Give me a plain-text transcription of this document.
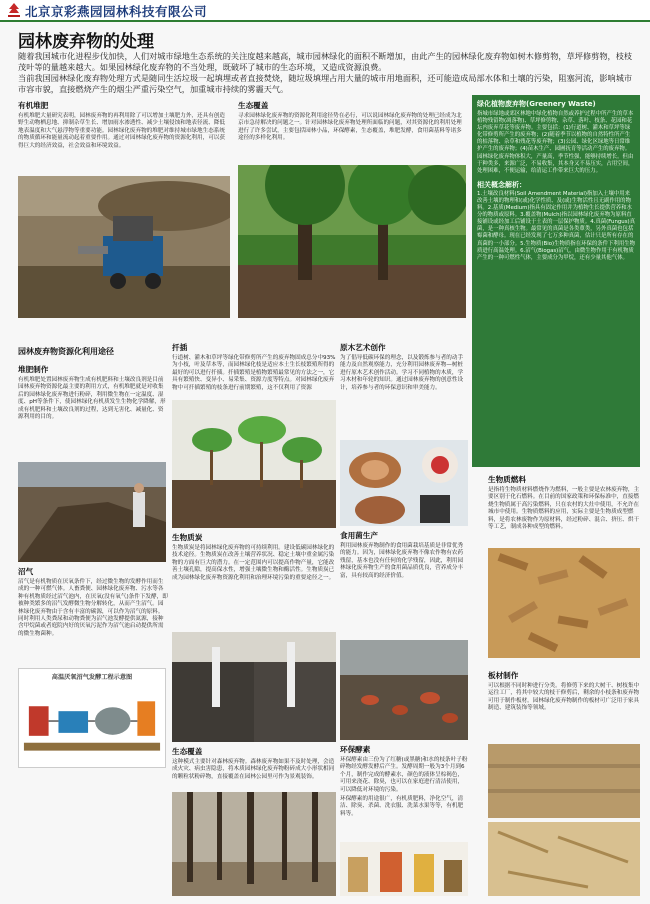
北京京彩燕园园林科技有限公司
园林废弃物的处理

随着我国城市化进程步伐加快，人们对城市绿地生态系统的关注度越来越高，城市园林绿化的面积不断增加，由此产生的园林绿化废弃物如树木修剪物，草坪修剪物，枝枝茂叶等的量越来越大。如果园林绿化废弃物的不当处理，既破坏了城市的生态环境，又造成资源浪费。

当前我国园林绿化废弃物处理方式是随同生活垃圾一起填埋或者直接焚烧，随垃圾填埋占用大量的城市用地面积，还可能造成局部水体和土壤的污染，阻塞河流，影响城市市容市貌，直接燃烧产生的烟尘严重污染空气，加重城市持续的雾霾天气。

有机堆肥
有机堆肥大量研究表明，园林废弃物的再利用除了可以增加土壤肥力外，还具有创造野生动物栖息地、抑制杂草生长、增加雨水渗透性、减少土壤侵蚀和地表径流、降低地表温度和大气悬浮物等重要功能。园林绿化废弃物的堆肥对维持城市绿地生态系统的物质循环和能量流动起着重要作用。通过对园林绿化废弃物的资源化利用，可以获得巨大的经济效益，社会效益和环境效益。
生态覆盖
寻求园林绿化废弃物的资源化利用途径势在必行，可以说园林绿化废弃物的处理已经成为北京市急待解决的问题之一。针对园林绿化废弃物处理所面临的问题，对其资源化的利用处理进行了许多尝试，主要包括园林小品，环保酵素，生态覆盖，堆肥发酵，食用菌基料等诸多途径的多样化利用。
绿化植物废弃物(Greenery Waste)
指城市绿地或郊区林地中绿化植物自然或养护过程中所产生的草本植物残留物(凋落物)、草坪修剪物、杂草、落叶、枝条、花园和花坛内废弃草花等废弃物。主要包括：(1)行道树、灌木和草坪等绿化带修剪所产生的废弃物；(2)随着季节以植物的自然特性所产生的枯落物、杂草和残花等废弃物；(3)公园、绿化区绿地等日常维护产生的废弃物；(4)苗木生产、园圃抚育等活动产生的废弃物。园林绿化废弃物体积大，产量高，季节性强，能够持续增长。但由于种类多，来源广泛，不易收集，其本身又不易压实，占用空间，处理困难，不便运输，给清运工作带来巨大的压力。
相关概念解析：
1.土壤改良材料(Soil Amendment Material)指加入土壤中用来改善土壤的物理和(或)化学性质、及(或)生物活性且无副作用的物料。2.基质(Medium)指具有固定作用并为植物生长提供营养和水分的物质或原料。3.覆盖物(Mulch)指以园林绿化废弃物为原料直接铺设或经加工后铺设于土表的一层保护物质。4.真菌(Fungus)真菌，是一种真核生物。最常见的真菌是各类蕈类，另外真菌也包括霉菌和酵母。现在已经发现了七万多种真菌，估计只是所有存在的真菌的一小部分。5.生物质(Bio)生物质指在环保的条件下利用生物质进行高温处理。6.沼气(Biogas)沼气，由微生物作用于有机物质产生的一种可燃性气体，主要成分为甲烷，还有少量其他气体。
园林废弃物资源化利用途径
堆肥制作
有机堆肥处置园林废弃物生成有机肥料和土壤改良剂是目前园林废弃物资源化最主要的利用方式，有机堆肥就是对收集后的园林绿化废弃物进行粉碎，利用微生物在一定温度、湿度、pH等条件下，使园林绿化有机质发生生物化学降解，形成有机肥料和土壤改良剂的过程，达到无害化、减量化、资源利用的目的。
沼气
沼气是有机物质在厌氧条件下，经过微生物的发酵作用而生成的一种可燃气体。人畜粪便、园林绿化废弃物、污水等各种有机物质经过沼气池内，在厌氧(没有氧气)条件下发酵，即被种类繁多的沼气发酵微生物分解转化，从而产生沼气。园林绿化废弃物由于含有丰富的碳源，可以作为沼气的原料。同时利用人类粪尿和动物粪便为沼气池发酵提供氮源，接种含甲烷菌或者庭院内好的厌氧污泥作为沼气池启动提供所需的微生物菌种。
高温厌氧沼气发酵工程示意图
扦插
行道树、灌木和草坪等绿化带修剪所产生的废弃物固成总分中93%为小枝，叶及草本等，而园林绿化枝是适应本土生长枝繁殖所得的最好的可以进行扦插。扦插繁殖是植物繁殖最常见的方法之一，它具有繁殖快、变异小、易采集、资源力度等特点。对园林绿化废弃物中可扦插繁殖的枝条进行前期繁殖，这不仅利用了资源
生物质炭
生物质炭是将园林绿化废弃物的可持续利用。建设低碳园林绿化的技术途径。生物质炭在改善土壤营养状况、稳定土壤中重金属污染物的方面有巨大的潜力。在一定范围内可以提高作物产量，它能改善土壤孔隙，提高保水性，增强土壤微生物和酶活性。生物质炭已成为园林绿化废弃物资源化利用和治理环境污染的重要途径之一。
生态覆盖
这种模式主要针对森林废弃物。森林废弃物如果不及时处理，会造成火灾、病虫害隐患，将木质园林绿化废弃物粉碎成大小形状相同的颗粒状粉碎物，直接覆盖在园林公园里可作为景观装饰。
原木艺术创作
为了倡导低碳环保的理念，以及锻炼参与者的动手能力及自然观察能力，充分利用园林废弃物—树桩进行原木艺术创作活动。学习不同植物的木质，学习木材和年轮的知识。通过园林废弃物的创意性设计，培养参与者的环保意识和审美能力。
食用菌生产
利用园林废弃物制作的食用菌栽培基质是非常优秀的能力。因为，园林绿化废弃物不像农作物有农药残留，基本也没有任何的化学残留，因此，利用园林绿化废弃物生产的食用菌品质优良，营养成分丰富，具有较高的经济价值。
环保酵素
环保酵素由三份为了红糖(或黑糖)和水的枝条叶子粉碎物经发酵发酵后产生。发酵周期一般为3个月到6个月，制作完成的酵素水，颜色的液体呈棕褐色，可用来浇花、除臭，也可以在家庭进行清洁使用，可以降低对环境的污染。
环保酵素的用途很广，有机质肥料，净化空气，清洁、除臭、杀菌、洗衣服、洗菜水果等等，有机肥料等。
生物质燃料
是指将生物质材料燃烧作为燃料，一般主要是农林废弃物，主要区别于化石燃料。在目前的国家政策和环保标准中，直接燃烧生物质属于高污染燃料，只在农村的大灶中使用，不允许在城市中使用。生物质燃料的应用，实际主要是生物质成型燃料，是将农林废物作为原材料，经过粉碎、混合、挤压、烘干等工艺，制成各种成型的燃料。
板材制作
可以根据不同时种进行分类。将修剪下来的大树干、树枝集中运往工厂，将其中较大的枝干修剪后，剩余的小枝条和废弃物可用于制作板材。园林绿化废弃物制作的板材可广泛用于家具制造、建筑装饰等领域。
